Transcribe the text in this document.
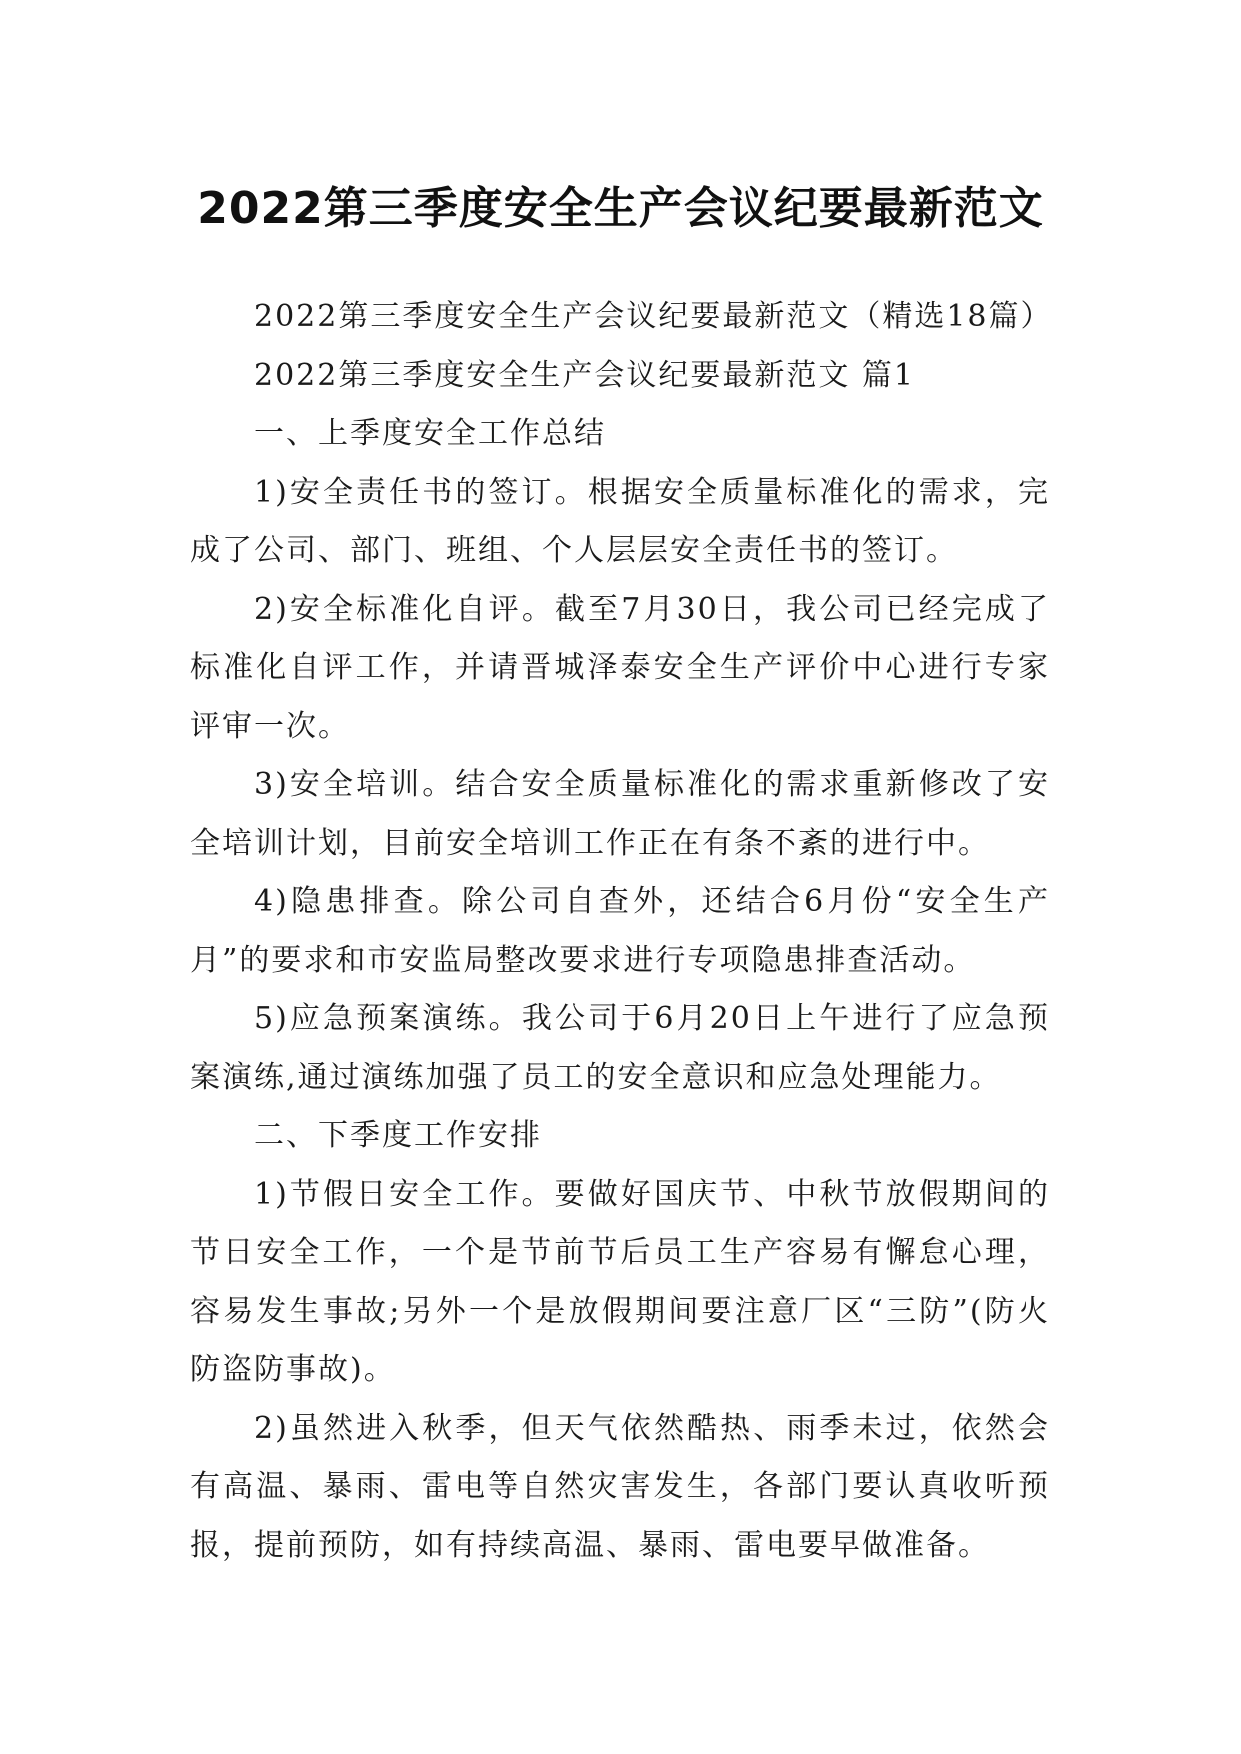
2022第三季度安全生产会议纪要最新范文

2022第三季度安全生产会议纪要最新范文（精选18篇）

2022第三季度安全生产会议纪要最新范文 篇1

一、上季度安全工作总结

1)安全责任书的签订。根据安全质量标准化的需求，完成了公司、部门、班组、个人层层安全责任书的签订。

2)安全标准化自评。截至7月30日，我公司已经完成了标准化自评工作，并请晋城泽泰安全生产评价中心进行专家评审一次。

3)安全培训。结合安全质量标准化的需求重新修改了安全培训计划，目前安全培训工作正在有条不紊的进行中。

4)隐患排查。除公司自查外，还结合6月份“安全生产月”的要求和市安监局整改要求进行专项隐患排查活动。

5)应急预案演练。我公司于6月20日上午进行了应急预案演练,通过演练加强了员工的安全意识和应急处理能力。

二、下季度工作安排

1)节假日安全工作。要做好国庆节、中秋节放假期间的节日安全工作，一个是节前节后员工生产容易有懈怠心理，容易发生事故;另外一个是放假期间要注意厂区“三防”(防火防盗防事故)。

2)虽然进入秋季，但天气依然酷热、雨季未过，依然会有高温、暴雨、雷电等自然灾害发生，各部门要认真收听预报，提前预防，如有持续高温、暴雨、雷电要早做准备。
